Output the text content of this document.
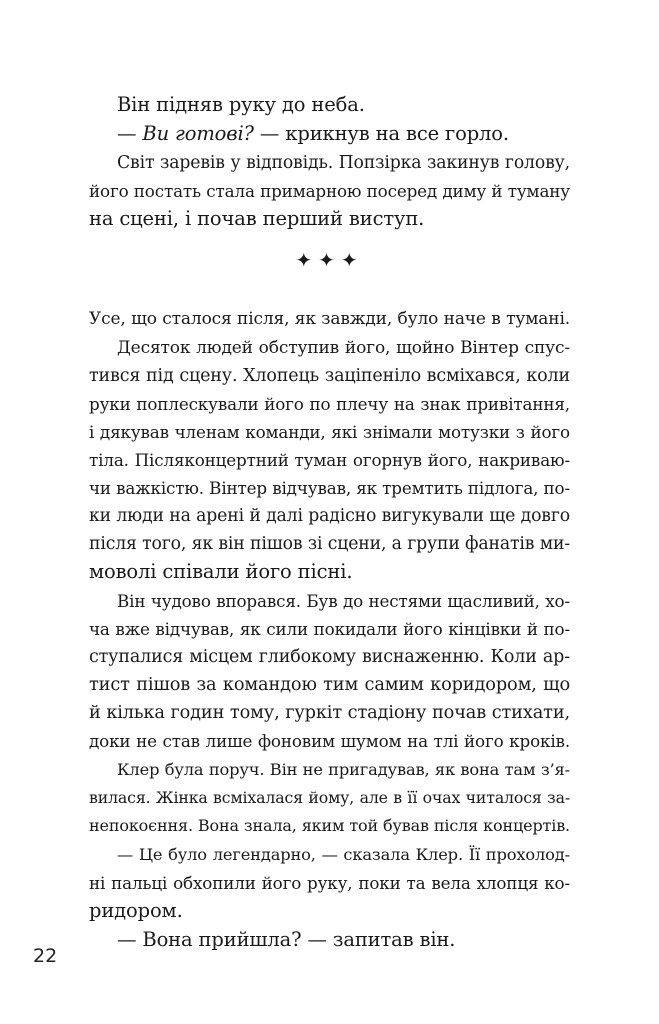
Він підняв руку до неба.
— Ви готові? — крикнув на все горло.
Світ заревів у відповідь. Попзірка закинув голову,
його постать стала примарною посеред диму й туману
на сцені, і почав перший виступ.
✦✦✦
Усе, що сталося після, як завжди, було наче в тумані.
Десяток людей обступив його, щойно Вінтер спус-
тився під сцену. Хлопець заціпеніло всміхався, коли
руки поплескували його по плечу на знак привітання,
і дякував членам команди, які знімали мотузки з його
тіла. Післяконцертний туман огорнув його, накриваю-
чи важкістю. Вінтер відчував, як тремтить підлога, по-
ки люди на арені й далі радісно вигукували ще довго
після того, як він пішов зі сцени, а групи фанатів ми-
моволі співали його пісні.
Він чудово впорався. Був до нестями щасливий, хо-
ча вже відчував, як сили покидали його кінцівки й по-
ступалися місцем глибокому виснаженню. Коли ар-
тист пішов за командою тим самим коридором, що
й кілька годин тому, гуркіт стадіону почав стихати,
доки не став лише фоновим шумом на тлі його кроків.
Клер була поруч. Він не пригадував, як вона там з’я-
вилася. Жінка всміхалася йому, але в її очах читалося за-
непокоєння. Вона знала, яким той бував після концертів.
— Це було легендарно, — сказала Клер. Її прохолод-
ні пальці обхопили його руку, поки та вела хлопця ко-
ридором.
— Вона прийшла? — запитав він.
22
